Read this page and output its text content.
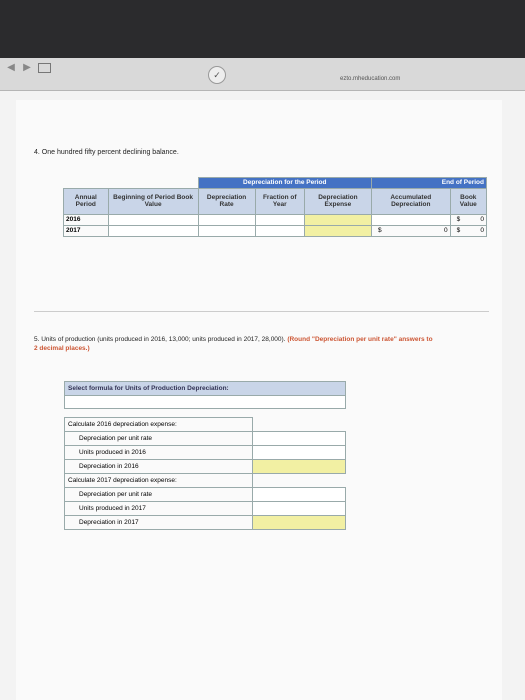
◀ ▶
✓	ezto.mheducation.com
4. One hundred fifty percent declining balance.
		Depreciation for the Period			End of Period	
Annual Period	Beginning of Period Book Value	Depreciation Rate	Fraction of Year	Depreciation Expense	Accumulated Depreciation	Book Value
2016						$ 0
2017					$ 0	$ 0
5. Units of production (units produced in 2016, 13,000; units produced in 2017, 28,000). (Round "Depreciation per unit rate" answers to 2 decimal places.)
Select formula for Units of Production Depreciation:	

Calculate 2016 depreciation expense:	
Depreciation per unit rate	
Units produced in 2016	
Depreciation in 2016	
Calculate 2017 depreciation expense:	
Depreciation per unit rate	
Units produced in 2017	
Depreciation in 2017	
